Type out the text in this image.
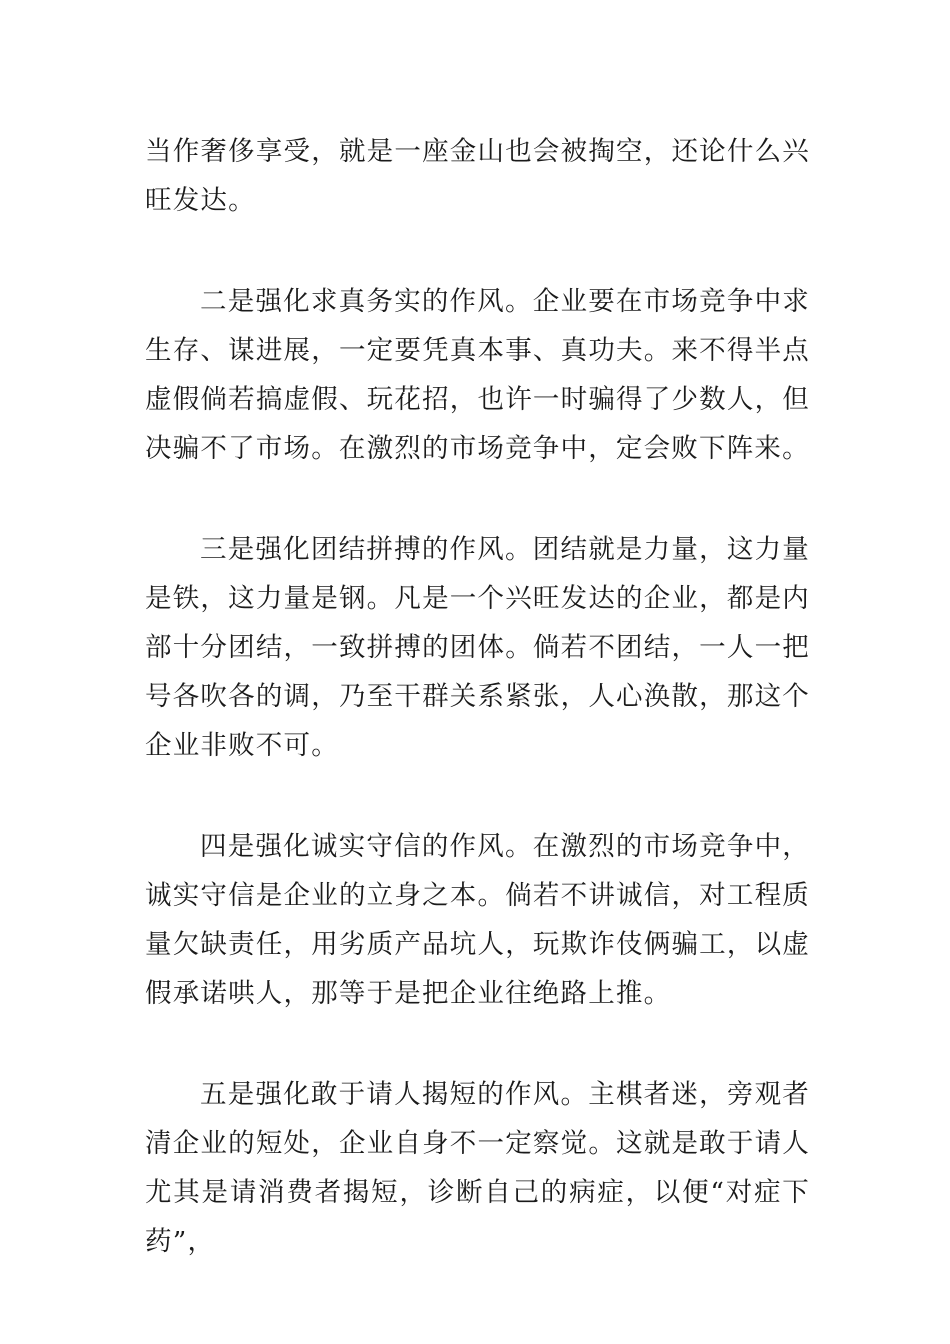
当作奢侈享受，就是一座金山也会被掏空，还论什么兴旺发达。

二是强化求真务实的作风。企业要在市场竞争中求生存、谋进展，一定要凭真本事、真功夫。来不得半点虚假倘若搞虚假、玩花招，也许一时骗得了少数人，但决骗不了市场。在激烈的市场竞争中，定会败下阵来。

三是强化团结拼搏的作风。团结就是力量，这力量是铁，这力量是钢。凡是一个兴旺发达的企业，都是内部十分团结，一致拼搏的团体。倘若不团结，一人一把号各吹各的调，乃至干群关系紧张，人心涣散，那这个企业非败不可。

四是强化诚实守信的作风。在激烈的市场竞争中，诚实守信是企业的立身之本。倘若不讲诚信，对工程质量欠缺责任，用劣质产品坑人，玩欺诈伎俩骗工，以虚假承诺哄人，那等于是把企业往绝路上推。

五是强化敢于请人揭短的作风。主棋者迷，旁观者清企业的短处，企业自身不一定察觉。这就是敢于请人尤其是请消费者揭短，诊断自己的病症，以便“对症下药”，
